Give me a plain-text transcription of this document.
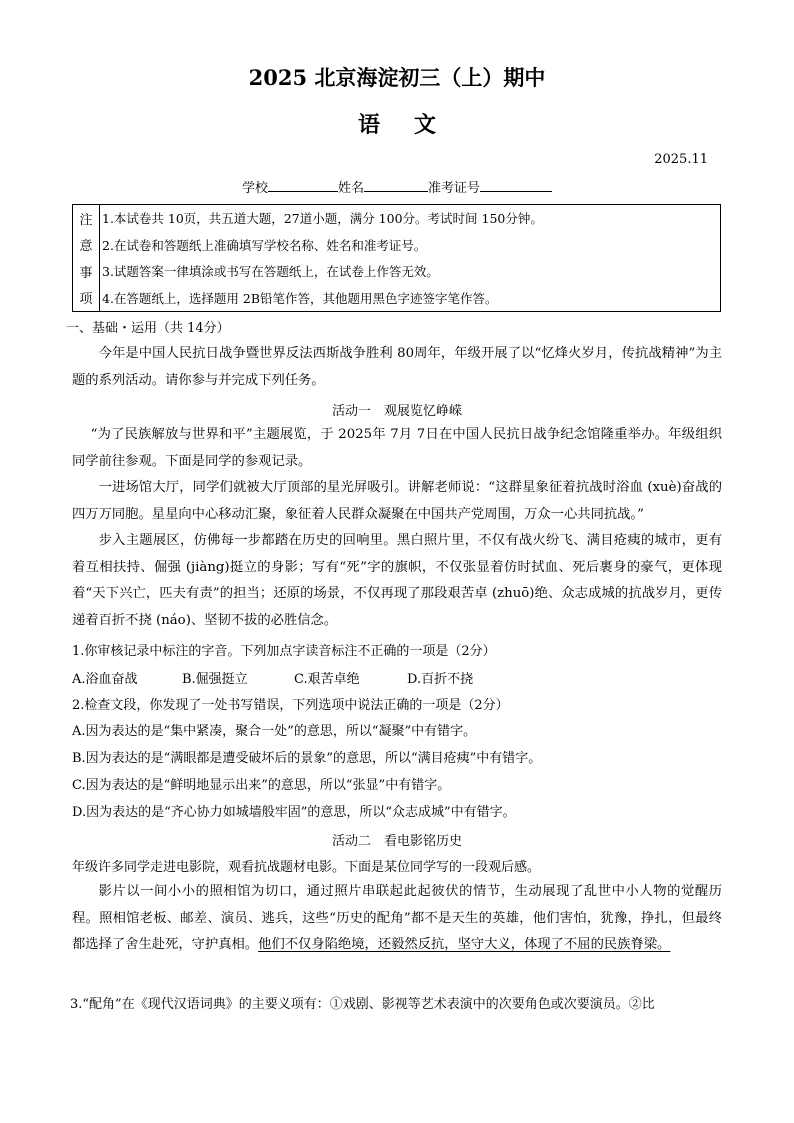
2025 北京海淀初三（上）期中
语文
2025.11
学校	姓名	准考证号
注
意
事
项
1.本试卷共 10页，共五道大题，27道小题，满分 100分。考试时间 150分钟。
2.在试卷和答题纸上准确填写学校名称、姓名和准考证号。
3.试题答案一律填涂或书写在答题纸上，在试卷上作答无效。
4.在答题纸上，选择题用 2B铅笔作答，其他题用黑色字迹签字笔作答。
一、基础・运用（共 14分）
今年是中国人民抗日战争暨世界反法西斯战争胜利 80周年，年级开展了以“忆烽火岁月，传抗战精神”为主题的系列活动。请你参与并完成下列任务。
活动一　观展览忆峥嵘
“为了民族解放与世界和平”主题展览，于 2025年 7月 7日在中国人民抗日战争纪念馆隆重举办。年级组织同学前往参观。下面是同学的参观记录。
一进场馆大厅，同学们就被大厅顶部的星光屏吸引。讲解老师说：“这群星象征着抗战时浴血 (xuè)奋战的四万万同胞。星星向中心移动汇聚，象征着人民群众凝聚在中国共产党周围，万众一心共同抗战。”
步入主题展区，仿佛每一步都踏在历史的回响里。黑白照片里，不仅有战火纷飞、满目疮痍的城市，更有着互相扶持、倔强 (jiàng)挺立的身影；写有“死”字的旗帜，不仅张显着仿时拭血、死后裹身的豪气，更体现着“天下兴亡，匹夫有责”的担当；还原的场景，不仅再现了那段艰苦卓 (zhuō)绝、众志成城的抗战岁月，更传递着百折不挠 (náo)、坚韧不拔的必胜信念。
1.你审核记录中标注的字音。下列加点字读音标注不正确的一项是（2分）
A.浴血奋战	B.倔强挺立	C.艰苦卓绝	D.百折不挠
2.检查文段，你发现了一处书写错误，下列选项中说法正确的一项是（2分）
A.因为表达的是“集中紧凑，聚合一处”的意思，所以“凝聚”中有错字。
B.因为表达的是“满眼都是遭受破坏后的景象”的意思，所以“满目疮痍”中有错字。
C.因为表达的是“鲜明地显示出来”的意思，所以“张显”中有错字。
D.因为表达的是“齐心协力如城墙般牢固”的意思，所以“众志成城”中有错字。
活动二　看电影铭历史
年级许多同学走进电影院，观看抗战题材电影。下面是某位同学写的一段观后感。
影片以一间小小的照相馆为切口，通过照片串联起此起彼伏的情节，生动展现了乱世中小人物的觉醒历程。照相馆老板、邮差、演员、逃兵，这些“历史的配角”都不是天生的英雄，他们害怕，犹豫，挣扎，但最终都选择了舍生赴死，守护真相。他们不仅身陷绝境，还毅然反抗，坚守大义，体现了不屈的民族脊梁。
3.“配角”在《现代汉语词典》的主要义项有：①戏剧、影视等艺术表演中的次要角色或次要演员。②比
